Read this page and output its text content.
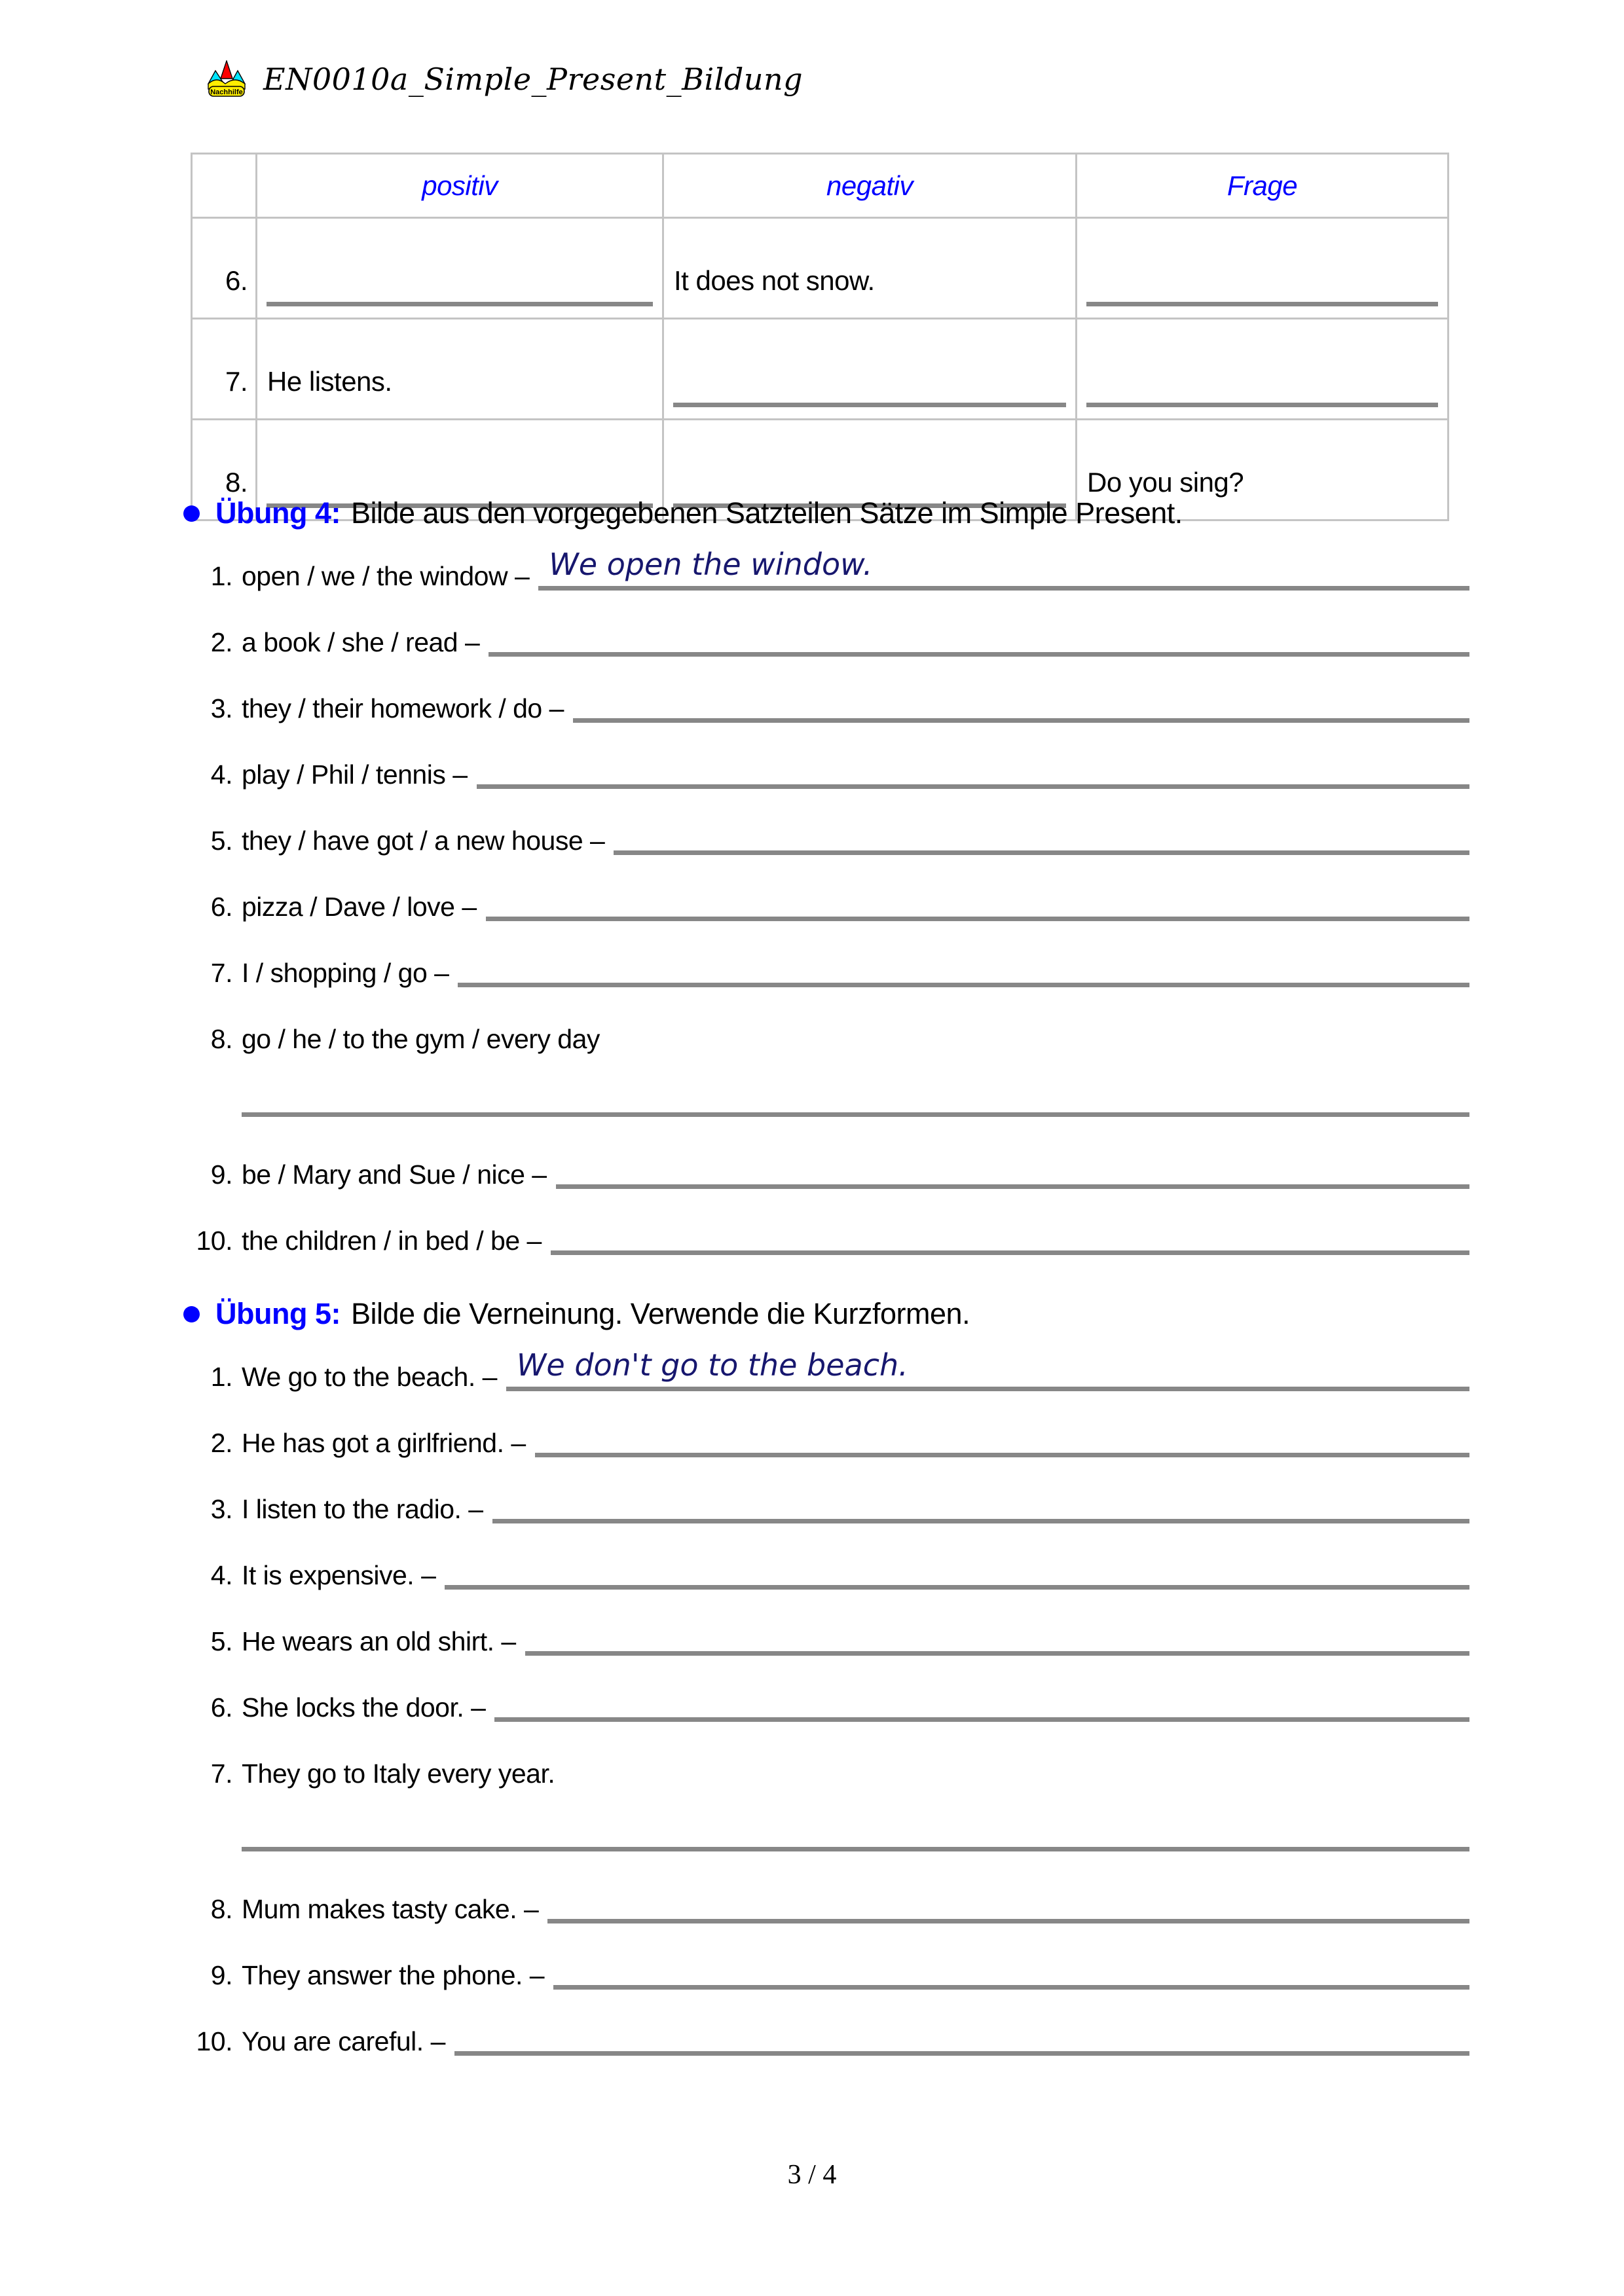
Nachhilfe EN0010a_Simple_Present_Bildung
	positiv	negativ	Frage
6.		It does not snow.	

7.	He listens.	

8.			Do you sing?
Übung 4: Bilde aus den vorgegebenen Satzteilen Sätze im Simple Present.
1. open / we / the window – We open the window.
2. a book / she / read –
3. they / their homework / do –
4. play / Phil / tennis –
5. they / have got / a new house –
6. pizza / Dave / love –
7. I / shopping / go –
8. go / he / to the gym / every day
9. be / Mary and Sue / nice –
10. the children / in bed / be –
Übung 5: Bilde die Verneinung. Verwende die Kurzformen.
1. We go to the beach. – We don't go to the beach.
2. He has got a girlfriend. –
3. I listen to the radio. –
4. It is expensive. –
5. He wears an old shirt. –
6. She locks the door. –
7. They go to Italy every year.
8. Mum makes tasty cake. –
9. They answer the phone. –
10. You are careful. –
3 / 4
